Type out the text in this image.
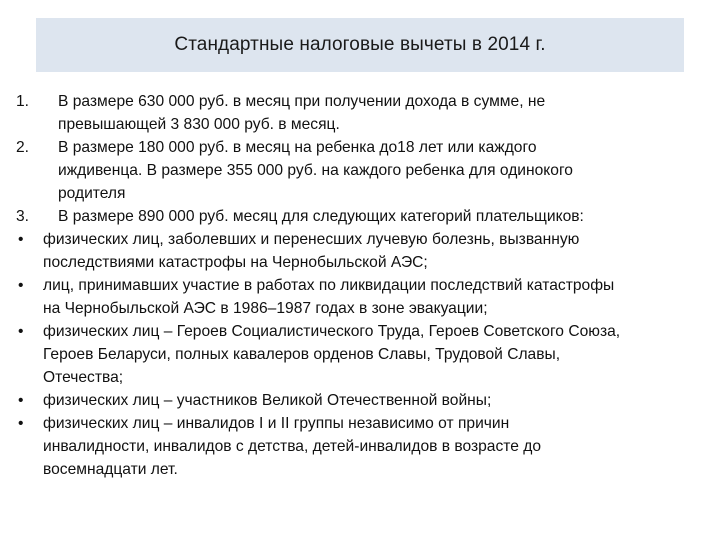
Стандартные налоговые вычеты в 2014 г.
1. В размере 630 000 руб. в месяц при получении дохода в сумме, не
превышающей 3 830 000 руб. в месяц.
2. В размере 180 000 руб. в месяц на ребенка до18 лет или каждого
иждивенца. В размере 355 000 руб. на каждого ребенка для одинокого
родителя
3. В размере 890 000 руб. месяц для следующих категорий плательщиков:
• физических лиц, заболевших и перенесших лучевую болезнь, вызванную
последствиями катастрофы на Чернобыльской АЭС;
• лиц, принимавших участие в работах по ликвидации последствий катастрофы
на Чернобыльской АЭС в 1986–1987 годах в зоне эвакуации;
• физических лиц – Героев Социалистического Труда, Героев Советского Союза,
Героев Беларуси, полных кавалеров орденов Славы, Трудовой Славы,
Отечества;
• физических лиц – участников Великой Отечественной войны;
• физических лиц – инвалидов I и II группы независимо от причин
инвалидности, инвалидов с детства, детей-инвалидов в возрасте до
восемнадцати лет.
